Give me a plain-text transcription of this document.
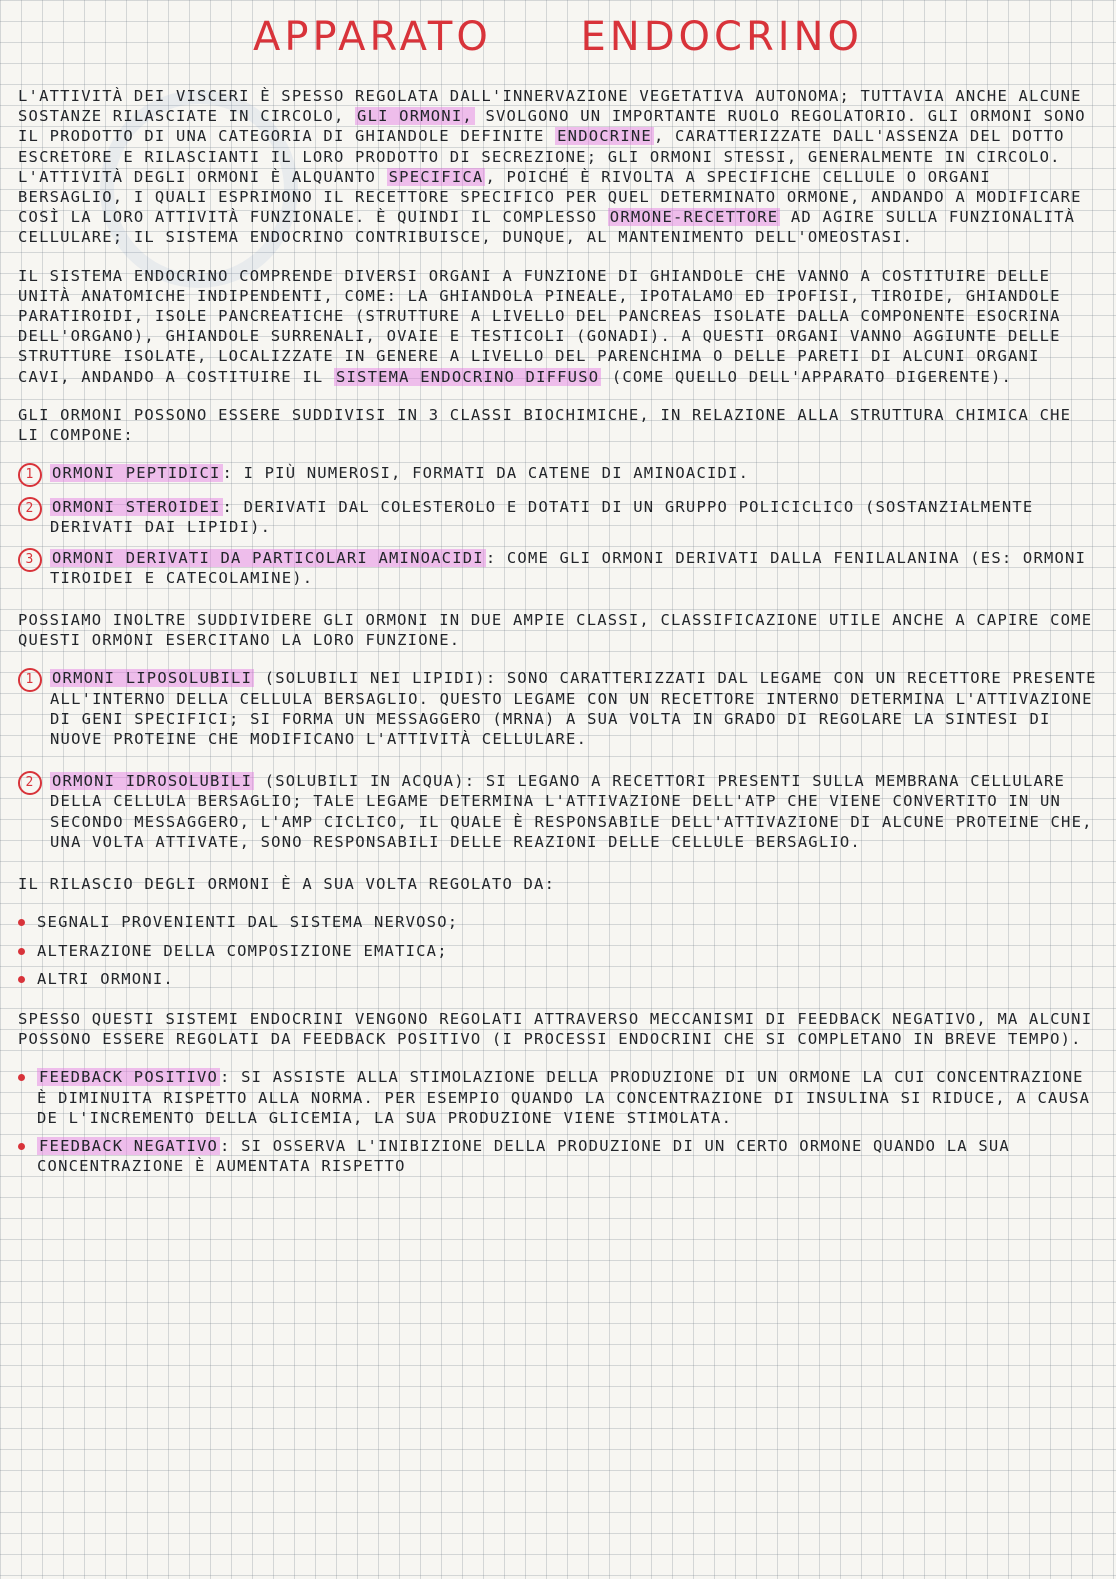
APPARATO ENDOCRINO

L'ATTIVITÀ DEI VISCERI È SPESSO REGOLATA DALL'INNERVAZIONE VEGETATIVA AUTONOMA; TUTTAVIA ANCHE ALCUNE SOSTANZE RILASCIATE IN CIRCOLO, GLI ORMONI, SVOLGONO UN IMPORTANTE RUOLO REGOLATORIO. GLI ORMONI SONO IL PRODOTTO DI UNA CATEGORIA DI GHIANDOLE DEFINITE ENDOCRINE , CARATTERIZZATE DALL'ASSENZA DEL DOTTO ESCRETORE E RILASCIANTI IL LORO PRODOTTO DI SECREZIONE; GLI ORMONI STESSI, GENERALMENTE IN CIRCOLO. L'ATTIVITÀ DEGLI ORMONI È ALQUANTO SPECIFICA , POICHÉ È RIVOLTA A SPECIFICHE CELLULE O ORGANI BERSAGLIO, I QUALI ESPRIMONO IL RECETTORE SPECIFICO PER QUEL DETERMINATO ORMONE, ANDANDO A MODIFICARE COSÌ LA LORO ATTIVITÀ FUNZIONALE. È QUINDI IL COMPLESSO ORMONE-RECETTORE AD AGIRE SULLA FUNZIONALITÀ CELLULARE; IL SISTEMA ENDOCRINO CONTRIBUISCE, DUNQUE, AL MANTENIMENTO DELL'OMEOSTASI.

IL SISTEMA ENDOCRINO COMPRENDE DIVERSI ORGANI A FUNZIONE DI GHIANDOLE CHE VANNO A COSTITUIRE DELLE UNITÀ ANATOMICHE INDIPENDENTI, COME: LA GHIANDOLA PINEALE, IPOTALAMO ED IPOFISI, TIROIDE, GHIANDOLE PARATIROIDI, ISOLE PANCREATICHE (STRUTTURE A LIVELLO DEL PANCREAS ISOLATE DALLA COMPONENTE ESOCRINA DELL'ORGANO), GHIANDOLE SURRENALI, OVAIE E TESTICOLI (GONADI). A QUESTI ORGANI VANNO AGGIUNTE DELLE STRUTTURE ISOLATE, LOCALIZZATE IN GENERE A LIVELLO DEL PARENCHIMA O DELLE PARETI DI ALCUNI ORGANI CAVI, ANDANDO A COSTITUIRE IL SISTEMA ENDOCRINO DIFFUSO (COME QUELLO DELL'APPARATO DIGERENTE).

GLI ORMONI POSSONO ESSERE SUDDIVISI IN 3 CLASSI BIOCHIMICHE, IN RELAZIONE ALLA STRUTTURA CHIMICA CHE LI COMPONE:

1	ORMONI PEPTIDICI : I PIÙ NUMEROSI, FORMATI DA CATENE DI AMINOACIDI.
2	ORMONI STEROIDEI : DERIVATI DAL COLESTEROLO E DOTATI DI UN GRUPPO POLICICLICO (SOSTANZIALMENTE DERIVATI DAI LIPIDI).
3	ORMONI DERIVATI DA PARTICOLARI AMINOACIDI : COME GLI ORMONI DERIVATI DALLA FENILALANINA (ES: ORMONI TIROIDEI E CATECOLAMINE).

POSSIAMO INOLTRE SUDDIVIDERE GLI ORMONI IN DUE AMPIE CLASSI, CLASSIFICAZIONE UTILE ANCHE A CAPIRE COME QUESTI ORMONI ESERCITANO LA LORO FUNZIONE.

1	ORMONI LIPOSOLUBILI (SOLUBILI NEI LIPIDI): SONO CARATTERIZZATI DAL LEGAME CON UN RECETTORE PRESENTE ALL'INTERNO DELLA CELLULA BERSAGLIO. QUESTO LEGAME CON UN RECETTORE INTERNO DETERMINA L'ATTIVAZIONE DI GENI SPECIFICI; SI FORMA UN MESSAGGERO (MRNA) A SUA VOLTA IN GRADO DI REGOLARE LA SINTESI DI NUOVE PROTEINE CHE MODIFICANO L'ATTIVITÀ CELLULARE.
2	ORMONI IDROSOLUBILI (SOLUBILI IN ACQUA): SI LEGANO A RECETTORI PRESENTI SULLA MEMBRANA CELLULARE DELLA CELLULA BERSAGLIO; TALE LEGAME DETERMINA L'ATTIVAZIONE DELL'ATP CHE VIENE CONVERTITO IN UN SECONDO MESSAGGERO, L'AMP CICLICO, IL QUALE È RESPONSABILE DELL'ATTIVAZIONE DI ALCUNE PROTEINE CHE, UNA VOLTA ATTIVATE, SONO RESPONSABILI DELLE REAZIONI DELLE CELLULE BERSAGLIO.

IL RILASCIO DEGLI ORMONI È A SUA VOLTA REGOLATO DA:

SEGNALI PROVENIENTI DAL SISTEMA NERVOSO;
ALTERAZIONE DELLA COMPOSIZIONE EMATICA;
ALTRI ORMONI.

SPESSO QUESTI SISTEMI ENDOCRINI VENGONO REGOLATI ATTRAVERSO MECCANISMI DI FEEDBACK NEGATIVO, MA ALCUNI POSSONO ESSERE REGOLATI DA FEEDBACK POSITIVO (I PROCESSI ENDOCRINI CHE SI COMPLETANO IN BREVE TEMPO).

FEEDBACK POSITIVO : SI ASSISTE ALLA STIMOLAZIONE DELLA PRODUZIONE DI UN ORMONE LA CUI CONCENTRAZIONE È DIMINUITA RISPETTO ALLA NORMA. PER ESEMPIO QUANDO LA CONCENTRAZIONE DI INSULINA SI RIDUCE, A CAUSA DE L'INCREMENTO DELLA GLICEMIA, LA SUA PRODUZIONE VIENE STIMOLATA.
FEEDBACK NEGATIVO : SI OSSERVA L'INIBIZIONE DELLA PRODUZIONE DI UN CERTO ORMONE QUANDO LA SUA CONCENTRAZIONE È AUMENTATA RISPETTO
